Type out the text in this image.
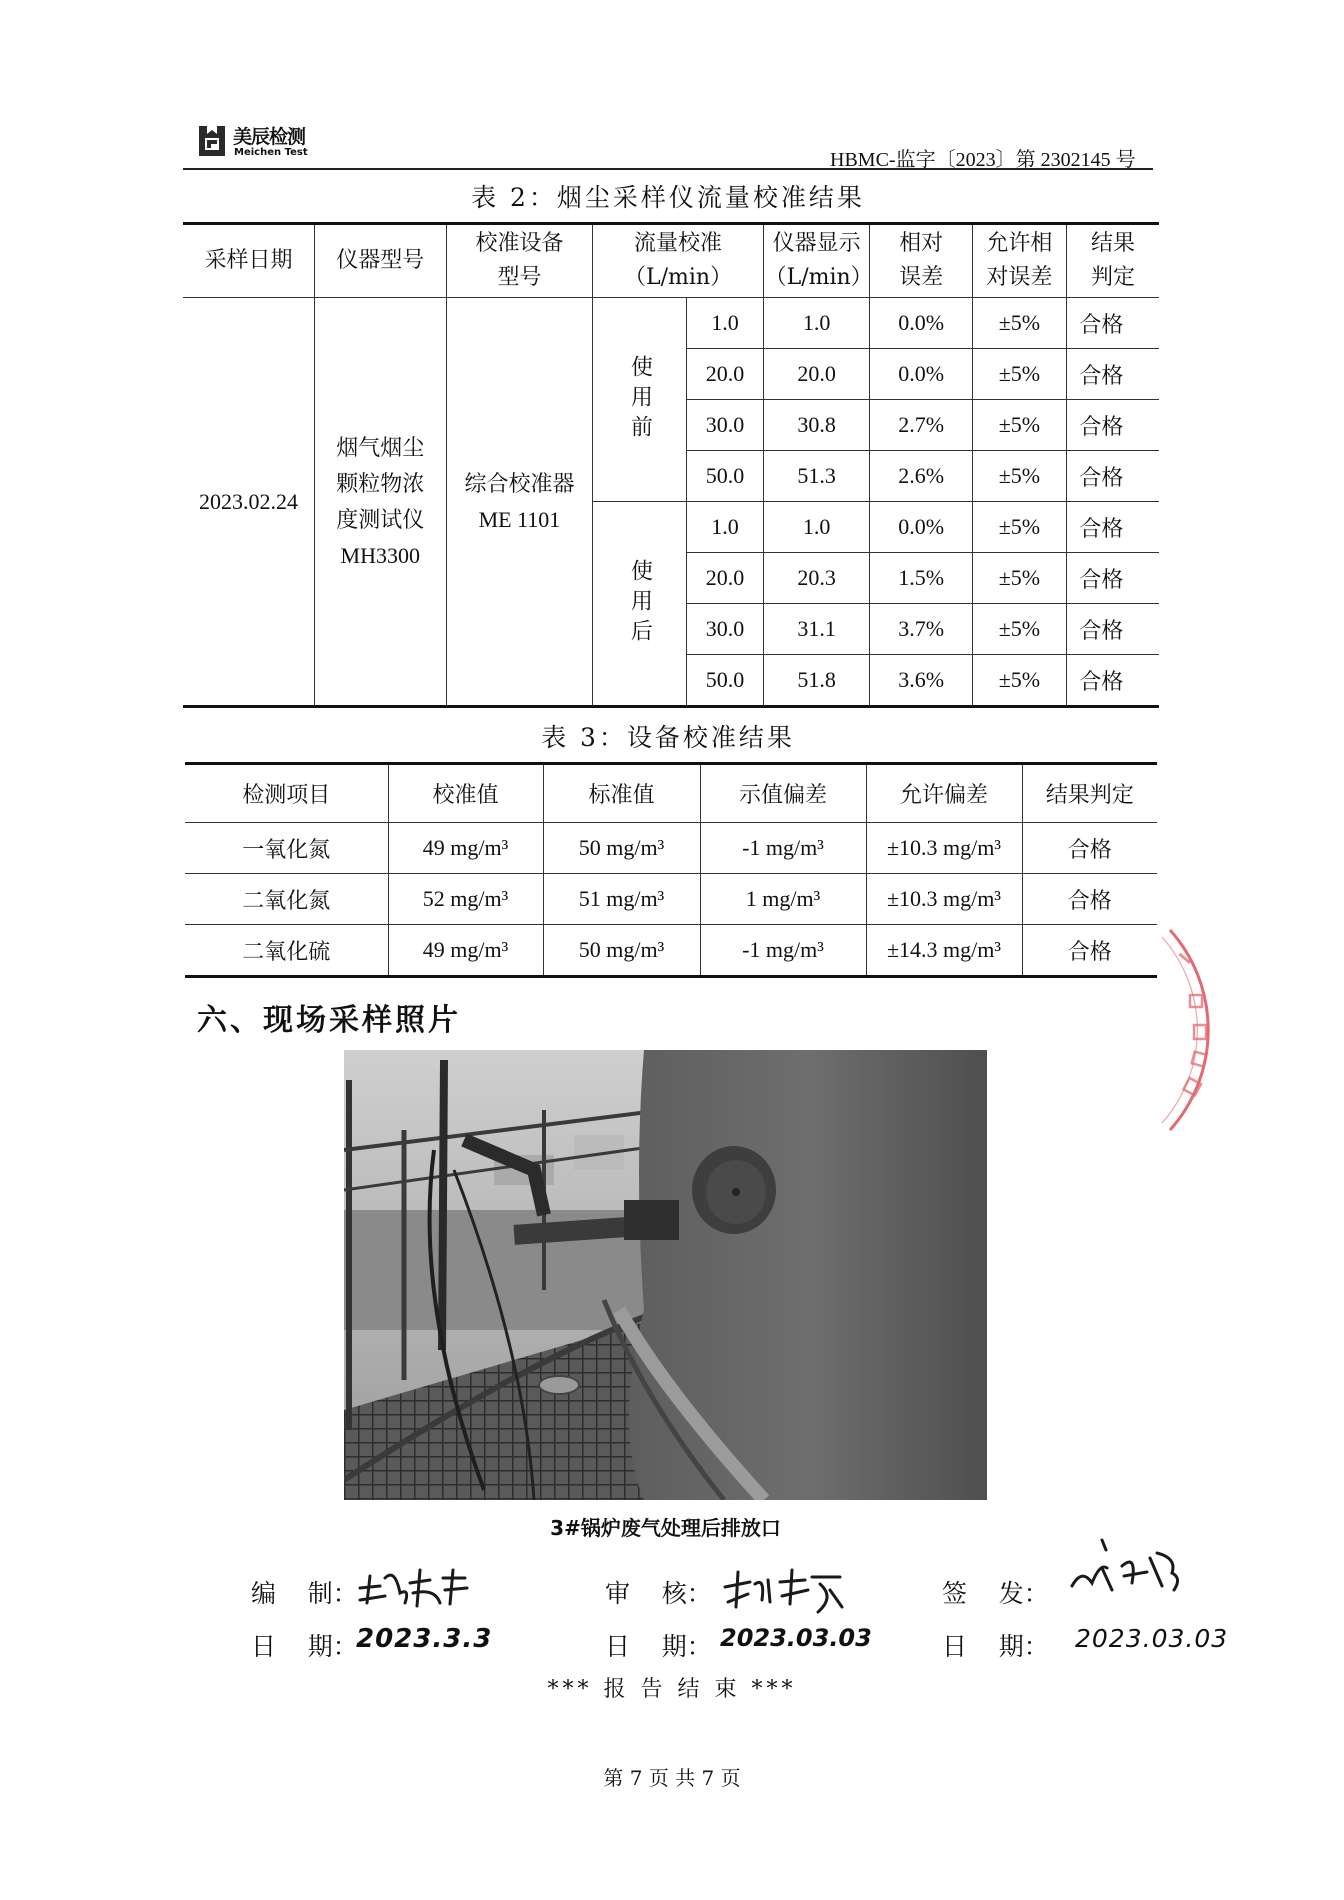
美辰检测
Meichen Test	HBMC-监字〔2023〕第 2302145 号
表 2：烟尘采样仪流量校准结果
采样日期	仪器型号	校准设备型号	流量校准（L/min）		仪器显示（L/min）	相对误差	允许相对误差	结果判定	

2023.02.24	烟气烟尘颗粒物浓度测试仪MH3300	综合校准器ME 1101	使用前	1.0	1.0	0.0%	±5%	合格	
				20.0	20.0	0.0%	±5%	合格	
				30.0	30.8	2.7%	±5%	合格	
				50.0	51.3	2.6%	±5%	合格	

			使用后	1.0	1.0	0.0%	±5%	合格	
				20.0	20.3	1.5%	±5%	合格	
				30.0	31.1	3.7%	±5%	合格	
				50.0	51.8	3.6%	±5%	合格	
表 3：设备校准结果
检测项目	校准值	标准值	示值偏差	允许偏差	结果判定
一氧化氮	49 mg/m³	50 mg/m³	-1 mg/m³	±10.3 mg/m³	合格
二氧化氮	52 mg/m³	51 mg/m³	1 mg/m³	±10.3 mg/m³	合格
二氧化硫	49 mg/m³	50 mg/m³	-1 mg/m³	±14.3 mg/m³	合格
六、现场采样照片
3#锅炉废气处理后排放口
编    制：	审    核：	签    发：
日    期：
2023.3.3	日    期： 2023.03.03	日    期： 2023.03.03
*** 报 告 结 束 ***
第 7 页 共 7 页
